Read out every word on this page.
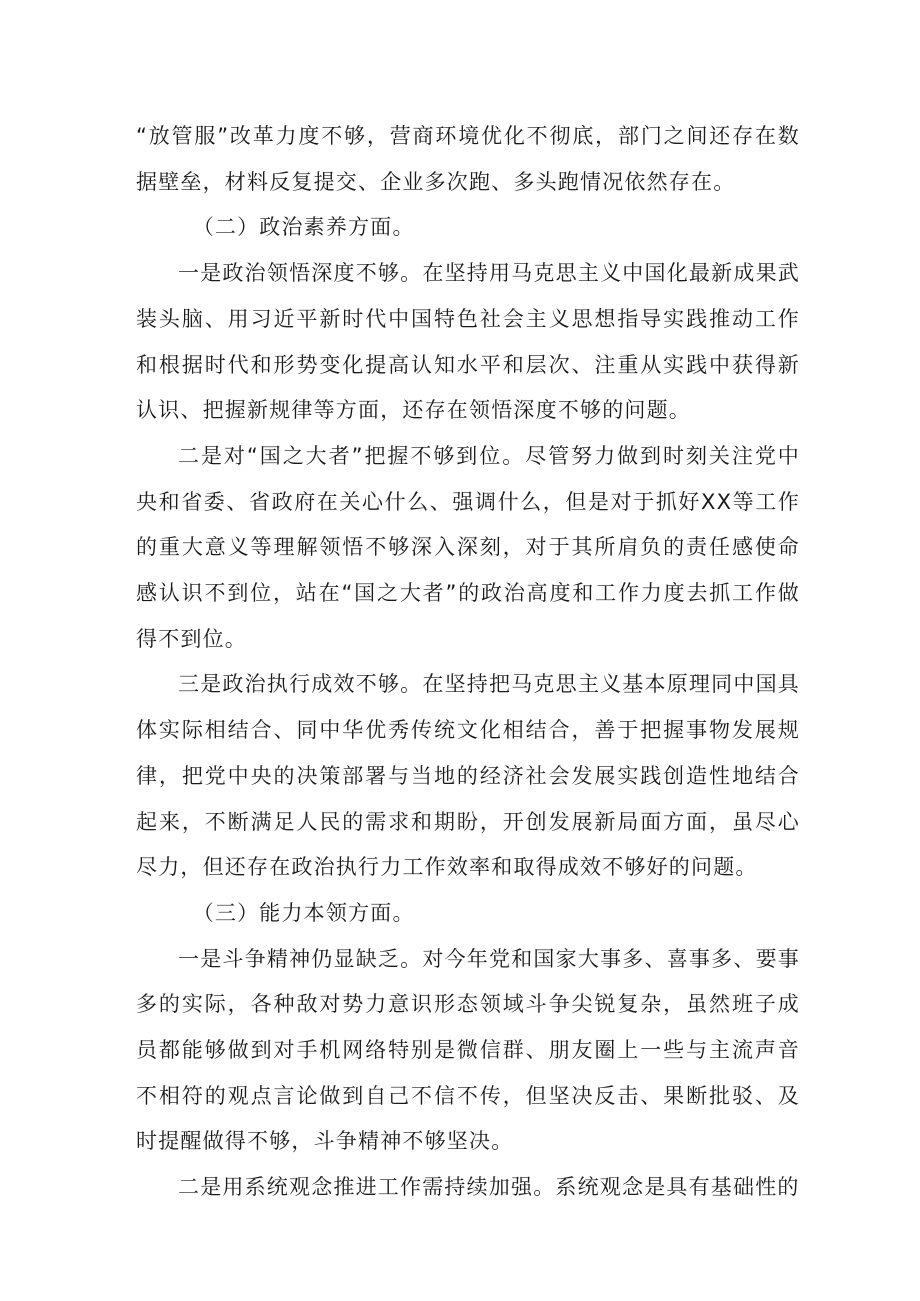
“放管服”改革力度不够，营商环境优化不彻底，部门之间还存在数据壁垒，材料反复提交、企业多次跑、多头跑情况依然存在。

（二）政治素养方面。

一是政治领悟深度不够。在坚持用马克思主义中国化最新成果武装头脑、用习近平新时代中国特色社会主义思想指导实践推动工作和根据时代和形势变化提高认知水平和层次、注重从实践中获得新认识、把握新规律等方面，还存在领悟深度不够的问题。

二是对“国之大者”把握不够到位。尽管努力做到时刻关注党中央和省委、省政府在关心什么、强调什么，但是对于抓好XX等工作的重大意义等理解领悟不够深入深刻，对于其所肩负的责任感使命感认识不到位，站在“国之大者”的政治高度和工作力度去抓工作做得不到位。

三是政治执行成效不够。在坚持把马克思主义基本原理同中国具体实际相结合、同中华优秀传统文化相结合，善于把握事物发展规律，把党中央的决策部署与当地的经济社会发展实践创造性地结合起来，不断满足人民的需求和期盼，开创发展新局面方面，虽尽心尽力，但还存在政治执行力工作效率和取得成效不够好的问题。

（三）能力本领方面。

一是斗争精神仍显缺乏。对今年党和国家大事多、喜事多、要事多的实际，各种敌对势力意识形态领域斗争尖锐复杂，虽然班子成员都能够做到对手机网络特别是微信群、朋友圈上一些与主流声音不相符的观点言论做到自己不信不传，但坚决反击、果断批驳、及时提醒做得不够，斗争精神不够坚决。

二是用系统观念推进工作需持续加强。系统观念是具有基础性的
